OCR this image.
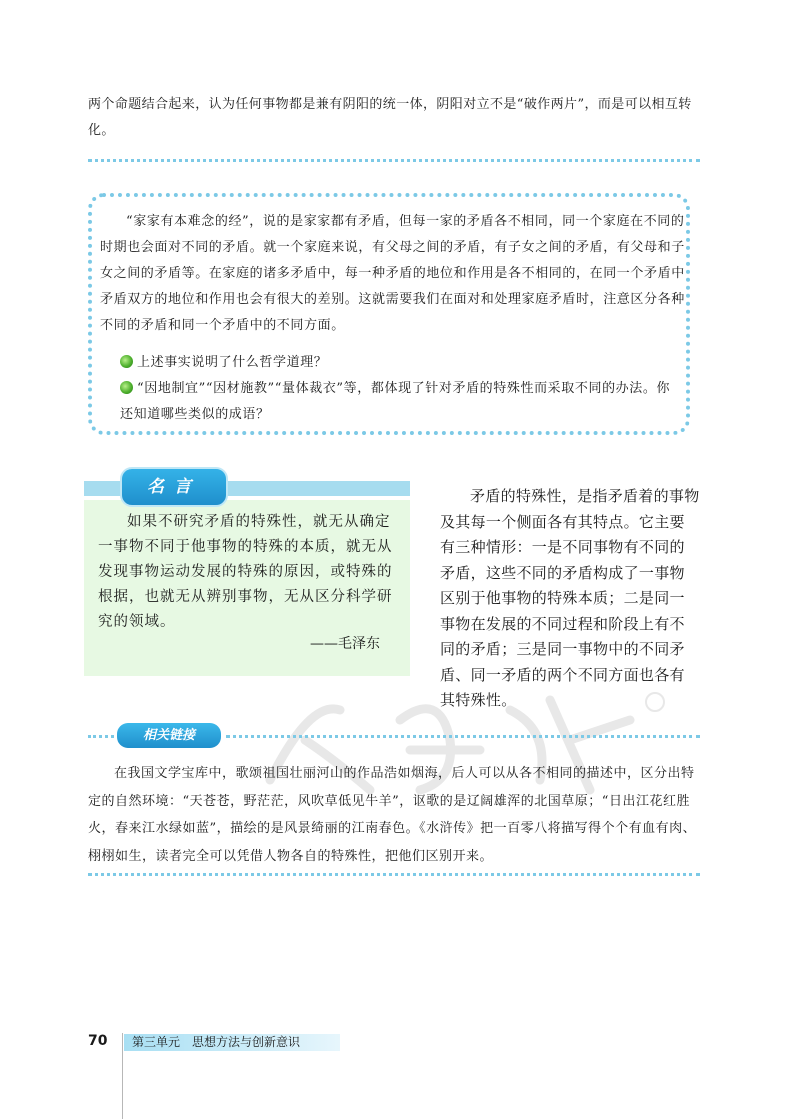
两个命题结合起来，认为任何事物都是兼有阴阳的统一体，阴阳对立不是“破作两片”，而是可以相互转化。
“家家有本难念的经”，说的是家家都有矛盾，但每一家的矛盾各不相同，同一个家庭在不同的时期也会面对不同的矛盾。就一个家庭来说，有父母之间的矛盾，有子女之间的矛盾，有父母和子女之间的矛盾等。在家庭的诸多矛盾中，每一种矛盾的地位和作用是各不相同的，在同一个矛盾中矛盾双方的地位和作用也会有很大的差别。这就需要我们在面对和处理家庭矛盾时，注意区分各种不同的矛盾和同一个矛盾中的不同方面。
上述事实说明了什么哲学道理？
“因地制宜”“因材施教”“量体裁衣”等，都体现了针对矛盾的特殊性而采取不同的办法。你还知道哪些类似的成语？
名言
如果不研究矛盾的特殊性，就无从确定一事物不同于他事物的特殊的本质，就无从发现事物运动发展的特殊的原因，或特殊的根据，也就无从辨别事物，无从区分科学研究的领域。
——毛泽东
矛盾的特殊性，是指矛盾着的事物及其每一个侧面各有其特点。它主要有三种情形：一是不同事物有不同的矛盾，这些不同的矛盾构成了一事物区别于他事物的特殊本质；二是同一事物在发展的不同过程和阶段上有不同的矛盾；三是同一事物中的不同矛盾、同一矛盾的两个不同方面也各有其特殊性。
相关链接
在我国文学宝库中，歌颂祖国壮丽河山的作品浩如烟海，后人可以从各不相同的描述中，区分出特定的自然环境：“天苍苍，野茫茫，风吹草低见牛羊”，讴歌的是辽阔雄浑的北国草原；“日出江花红胜火，春来江水绿如蓝”，描绘的是风景绮丽的江南春色。《水浒传》把一百零八将描写得个个有血有肉、栩栩如生，读者完全可以凭借人物各自的特殊性，把他们区别开来。
70	第三单元　思想方法与创新意识
